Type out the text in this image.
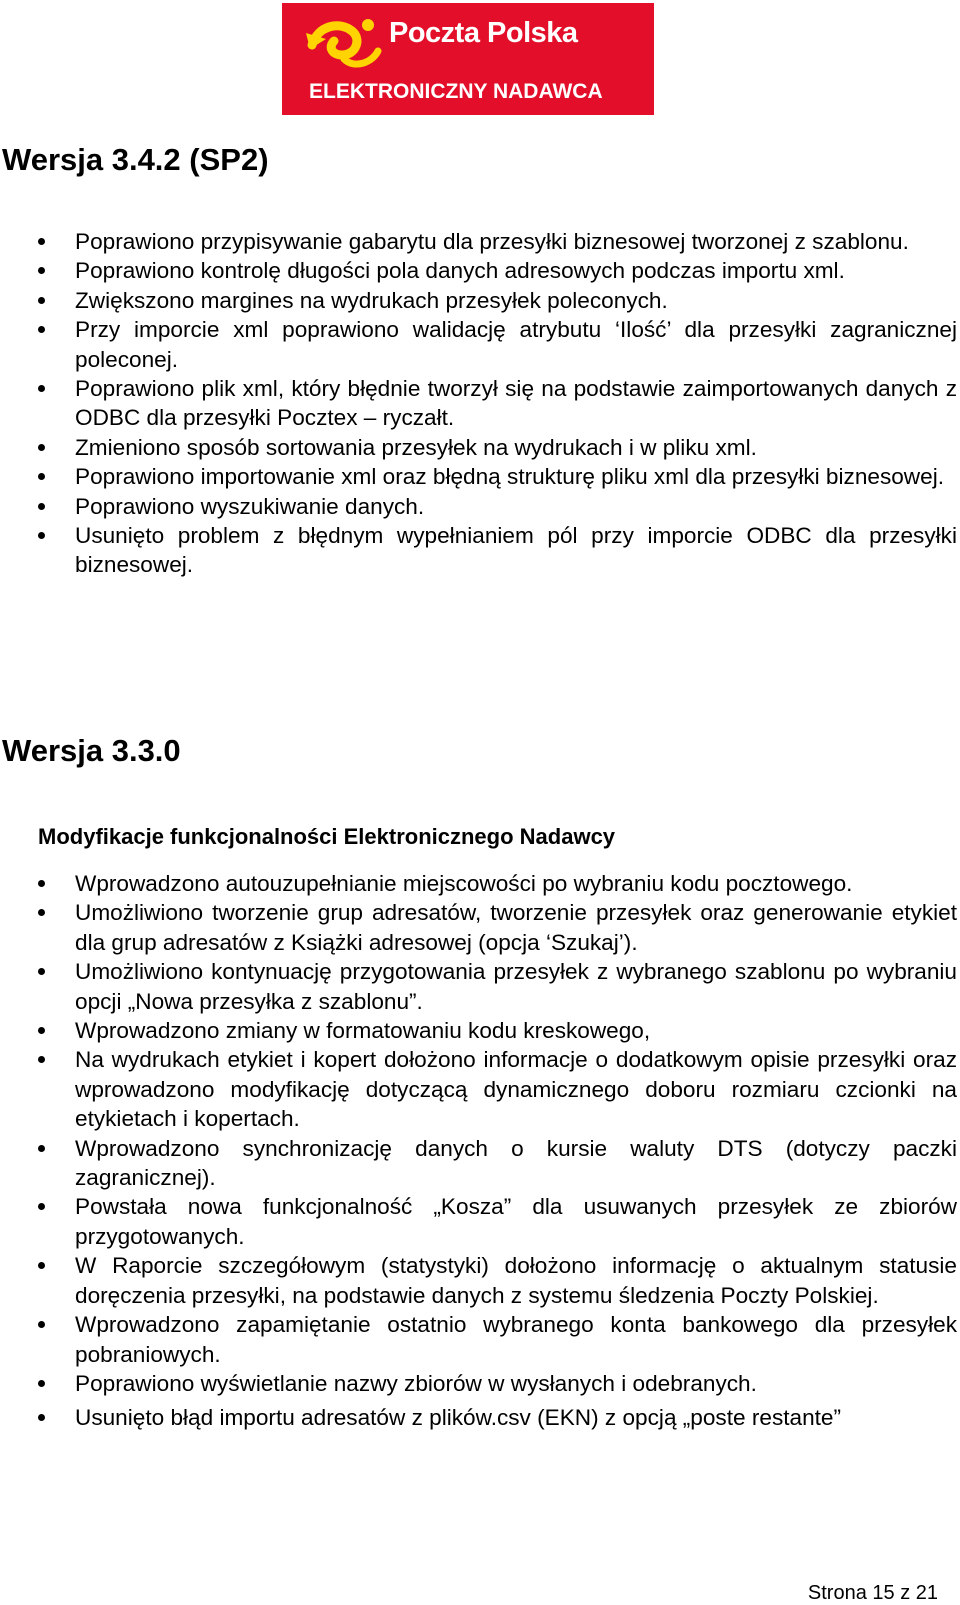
Poczta Polska
ELEKTRONICZNY NADAWCA
Wersja 3.4.2 (SP2)
Poprawiono przypisywanie gabarytu dla przesyłki biznesowej tworzonej z szablonu.
Poprawiono kontrolę długości pola danych adresowych podczas importu xml.
Zwiększono margines na wydrukach przesyłek poleconych.
Przy imporcie xml poprawiono walidację atrybutu ‘Ilość’ dla przesyłki zagranicznej poleconej.
Poprawiono plik xml, który błędnie tworzył się na podstawie zaimportowanych danych z ODBC dla przesyłki Pocztex – ryczałt.
Zmieniono sposób sortowania przesyłek na wydrukach i w pliku xml.
Poprawiono importowanie xml oraz błędną strukturę pliku xml dla przesyłki biznesowej.
Poprawiono wyszukiwanie danych.
Usunięto problem z błędnym wypełnianiem pól przy imporcie ODBC dla przesyłki biznesowej.
Wersja 3.3.0
Modyfikacje funkcjonalności Elektronicznego Nadawcy
Wprowadzono autouzupełnianie miejscowości po wybraniu kodu pocztowego.
Umożliwiono tworzenie grup adresatów, tworzenie przesyłek oraz generowanie etykiet dla grup adresatów z Książki adresowej (opcja ‘Szukaj’).
Umożliwiono kontynuację przygotowania przesyłek z wybranego szablonu po wybraniu opcji „Nowa przesyłka z szablonu”.
Wprowadzono zmiany w formatowaniu kodu kreskowego,
Na wydrukach etykiet i kopert dołożono informacje o dodatkowym opisie przesyłki oraz wprowadzono modyfikację dotyczącą dynamicznego doboru rozmiaru czcionki na etykietach i kopertach.
Wprowadzono synchronizację danych o kursie waluty DTS (dotyczy paczki zagranicznej).
Powstała nowa funkcjonalność „Kosza” dla usuwanych przesyłek ze zbiorów przygotowanych.
W Raporcie szczegółowym (statystyki) dołożono informację o aktualnym statusie doręczenia przesyłki, na podstawie danych z systemu śledzenia Poczty Polskiej.
Wprowadzono zapamiętanie ostatnio wybranego konta bankowego dla przesyłek pobraniowych.
Poprawiono wyświetlanie nazwy zbiorów w wysłanych i odebranych.
Usunięto błąd importu adresatów z plików.csv (EKN) z opcją „poste restante”
Strona 15 z 21
